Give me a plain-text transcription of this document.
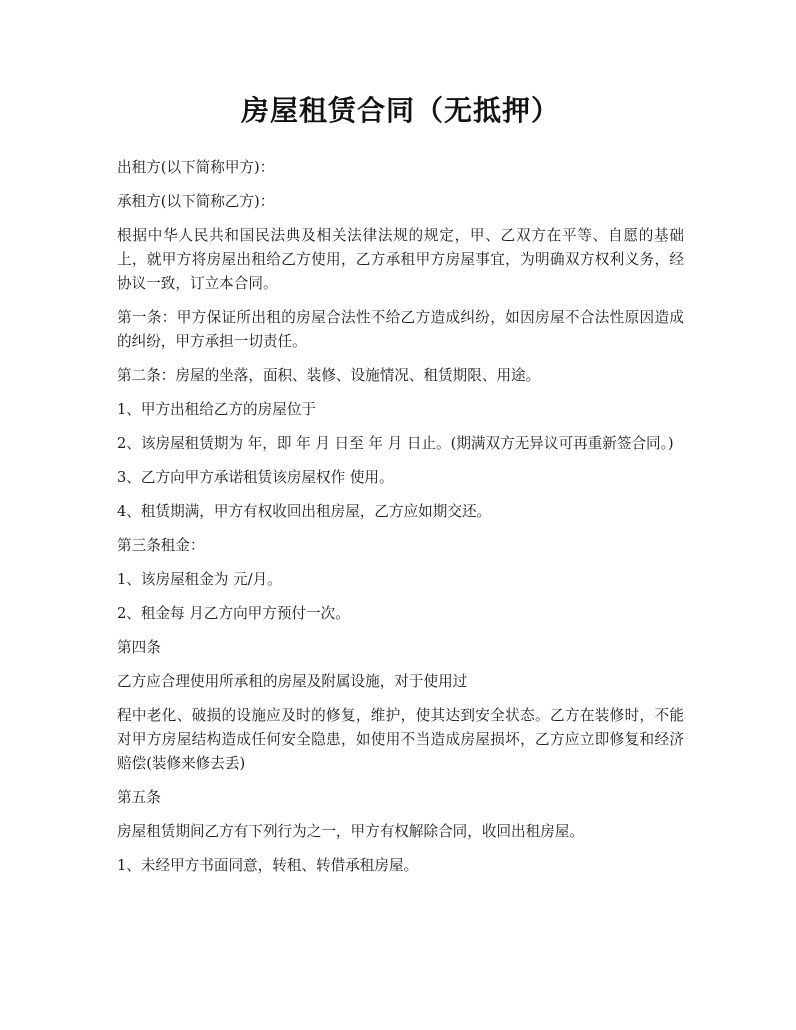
房屋租赁合同（无抵押）

出租方(以下简称甲方)：

承租方(以下简称乙方)：

根据中华人民共和国民法典及相关法律法规的规定，甲、乙双方在平等、自愿的基础上，就甲方将房屋出租给乙方使用，乙方承租甲方房屋事宜，为明确双方权利义务，经协议一致，订立本合同。

第一条：甲方保证所出租的房屋合法性不给乙方造成纠纷，如因房屋不合法性原因造成的纠纷，甲方承担一切责任。

第二条：房屋的坐落，面积、装修、设施情况、租赁期限、用途。

1、甲方出租给乙方的房屋位于

2、该房屋租赁期为 年，即 年 月 日至 年 月 日止。(期满双方无异议可再重新签合同。)

3、乙方向甲方承诺租赁该房屋权作 使用。

4、租赁期满，甲方有权收回出租房屋，乙方应如期交还。

第三条租金：

1、该房屋租金为 元/月。

2、租金每 月乙方向甲方预付一次。

第四条

乙方应合理使用所承租的房屋及附属设施，对于使用过

程中老化、破损的设施应及时的修复，维护，使其达到安全状态。乙方在装修时，不能对甲方房屋结构造成任何安全隐患，如使用不当造成房屋损坏，乙方应立即修复和经济赔偿(装修来修去丢)

第五条

房屋租赁期间乙方有下列行为之一，甲方有权解除合同，收回出租房屋。

1、未经甲方书面同意，转租、转借承租房屋。
